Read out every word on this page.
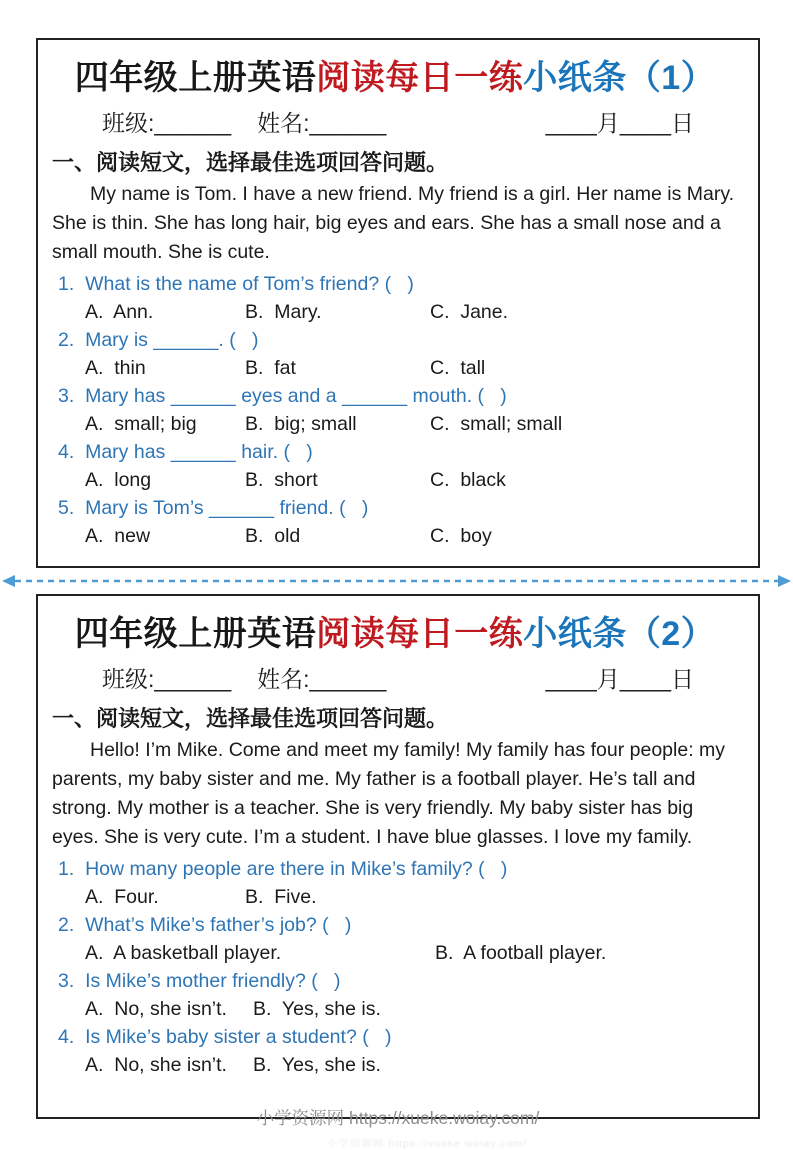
四年级上册英语阅读每日一练小纸条（1）
班级:______ 姓名:______	____月____日
一、阅读短文，选择最佳选项回答问题。

My name is Tom. I have a new friend. My friend is a girl. Her name is Mary. She is thin. She has long hair, big eyes and ears. She has a small nose and a small mouth. She is cute.

1.  What is the name of Tom’s friend? (   )
A.  Ann.	B.  Mary.	C.  Jane.
2.  Mary is ______. (   )
A.  thin	B.  fat	C.  tall
3.  Mary has ______ eyes and a ______ mouth. (   )
A.  small; big B.  big; small	C.  small; small
4.  Mary has ______ hair. (   )
A.  long	B.  short	C.  black
5.  Mary is Tom’s ______ friend. (   )
A.  new	B.  old	C.  boy
四年级上册英语阅读每日一练小纸条（2）
班级:______ 姓名:______	____月____日
一、阅读短文，选择最佳选项回答问题。

Hello! I’m Mike. Come and meet my family! My family has four people: my parents, my baby sister and me. My father is a football player. He’s tall and strong. My mother is a teacher. She is very friendly. My baby sister has big eyes. She is very cute. I’m a student. I have blue glasses. I love my family.

1.  How many people are there in Mike’s family? (   )
A.  Four.	B.  Five.
2.  What’s Mike’s father’s job? (   )
A.  A basketball player.	B.  A football player.
3.  Is Mike’s mother friendly? (   )
A.  No, she isn’t. B.  Yes, she is.
4.  Is Mike’s baby sister a student? (   )
A.  No, she isn’t. B.  Yes, she is.
小学资源网 https://xueke.woiay.com/
小学资源网 https://xueke.woiay.com/
